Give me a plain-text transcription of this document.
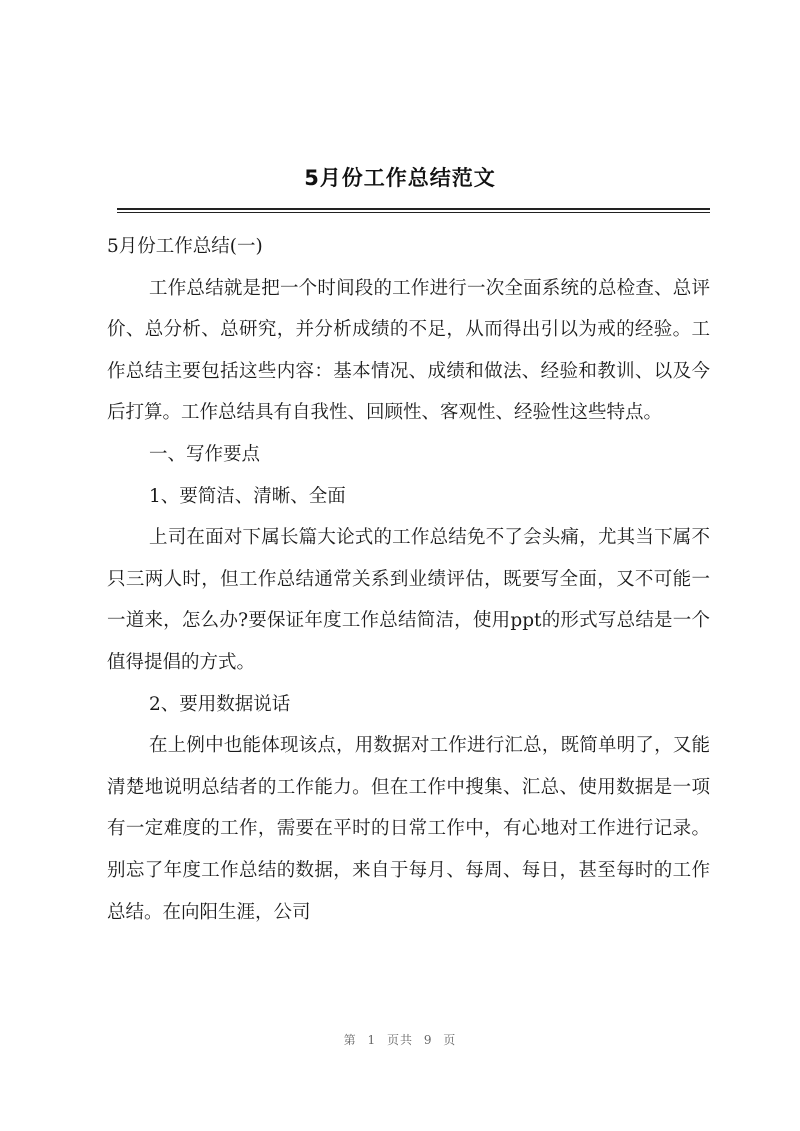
5月份工作总结范文

5月份工作总结(一)

工作总结就是把一个时间段的工作进行一次全面系统的总检查、总评价、总分析、总研究，并分析成绩的不足，从而得出引以为戒的经验。工作总结主要包括这些内容：基本情况、成绩和做法、经验和教训、以及今后打算。工作总结具有自我性、回顾性、客观性、经验性这些特点。

一、写作要点

1、要简洁、清晰、全面

上司在面对下属长篇大论式的工作总结免不了会头痛，尤其当下属不只三两人时，但工作总结通常关系到业绩评估，既要写全面，又不可能一一道来，怎么办?要保证年度工作总结简洁，使用ppt的形式写总结是一个值得提倡的方式。

2、要用数据说话

在上例中也能体现该点，用数据对工作进行汇总，既简单明了，又能清楚地说明总结者的工作能力。但在工作中搜集、汇总、使用数据是一项有一定难度的工作，需要在平时的日常工作中，有心地对工作进行记录。别忘了年度工作总结的数据，来自于每月、每周、每日，甚至每时的工作总结。在向阳生涯，公司

第 1 页共 9 页
